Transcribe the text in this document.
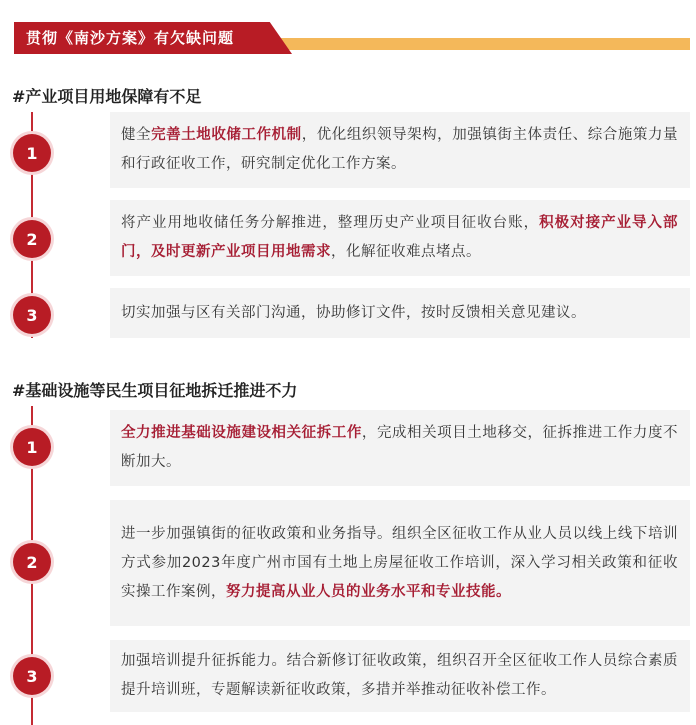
贯彻《南沙方案》有欠缺问题
#产业项目用地保障有不足
健全完善土地收储工作机制，优化组织领导架构，加强镇街主体责任、综合施策力量和行政征收工作，研究制定优化工作方案。
1
将产业用地收储任务分解推进，整理历史产业项目征收台账，积极对接产业导入部门，及时更新产业项目用地需求，化解征收难点堵点。
2
切实加强与区有关部门沟通，协助修订文件，按时反馈相关意见建议。
3
#基础设施等民生项目征地拆迁推进不力
全力推进基础设施建设相关征拆工作，完成相关项目土地移交，征拆推进工作力度不断加大。
1
进一步加强镇街的征收政策和业务指导。组织全区征收工作从业人员以线上线下培训方式参加2023年度广州市国有土地上房屋征收工作培训，深入学习相关政策和征收实操工作案例，努力提高从业人员的业务水平和专业技能。
2
加强培训提升征拆能力。结合新修订征收政策，组织召开全区征收工作人员综合素质提升培训班，专题解读新征收政策，多措并举推动征收补偿工作。
3
